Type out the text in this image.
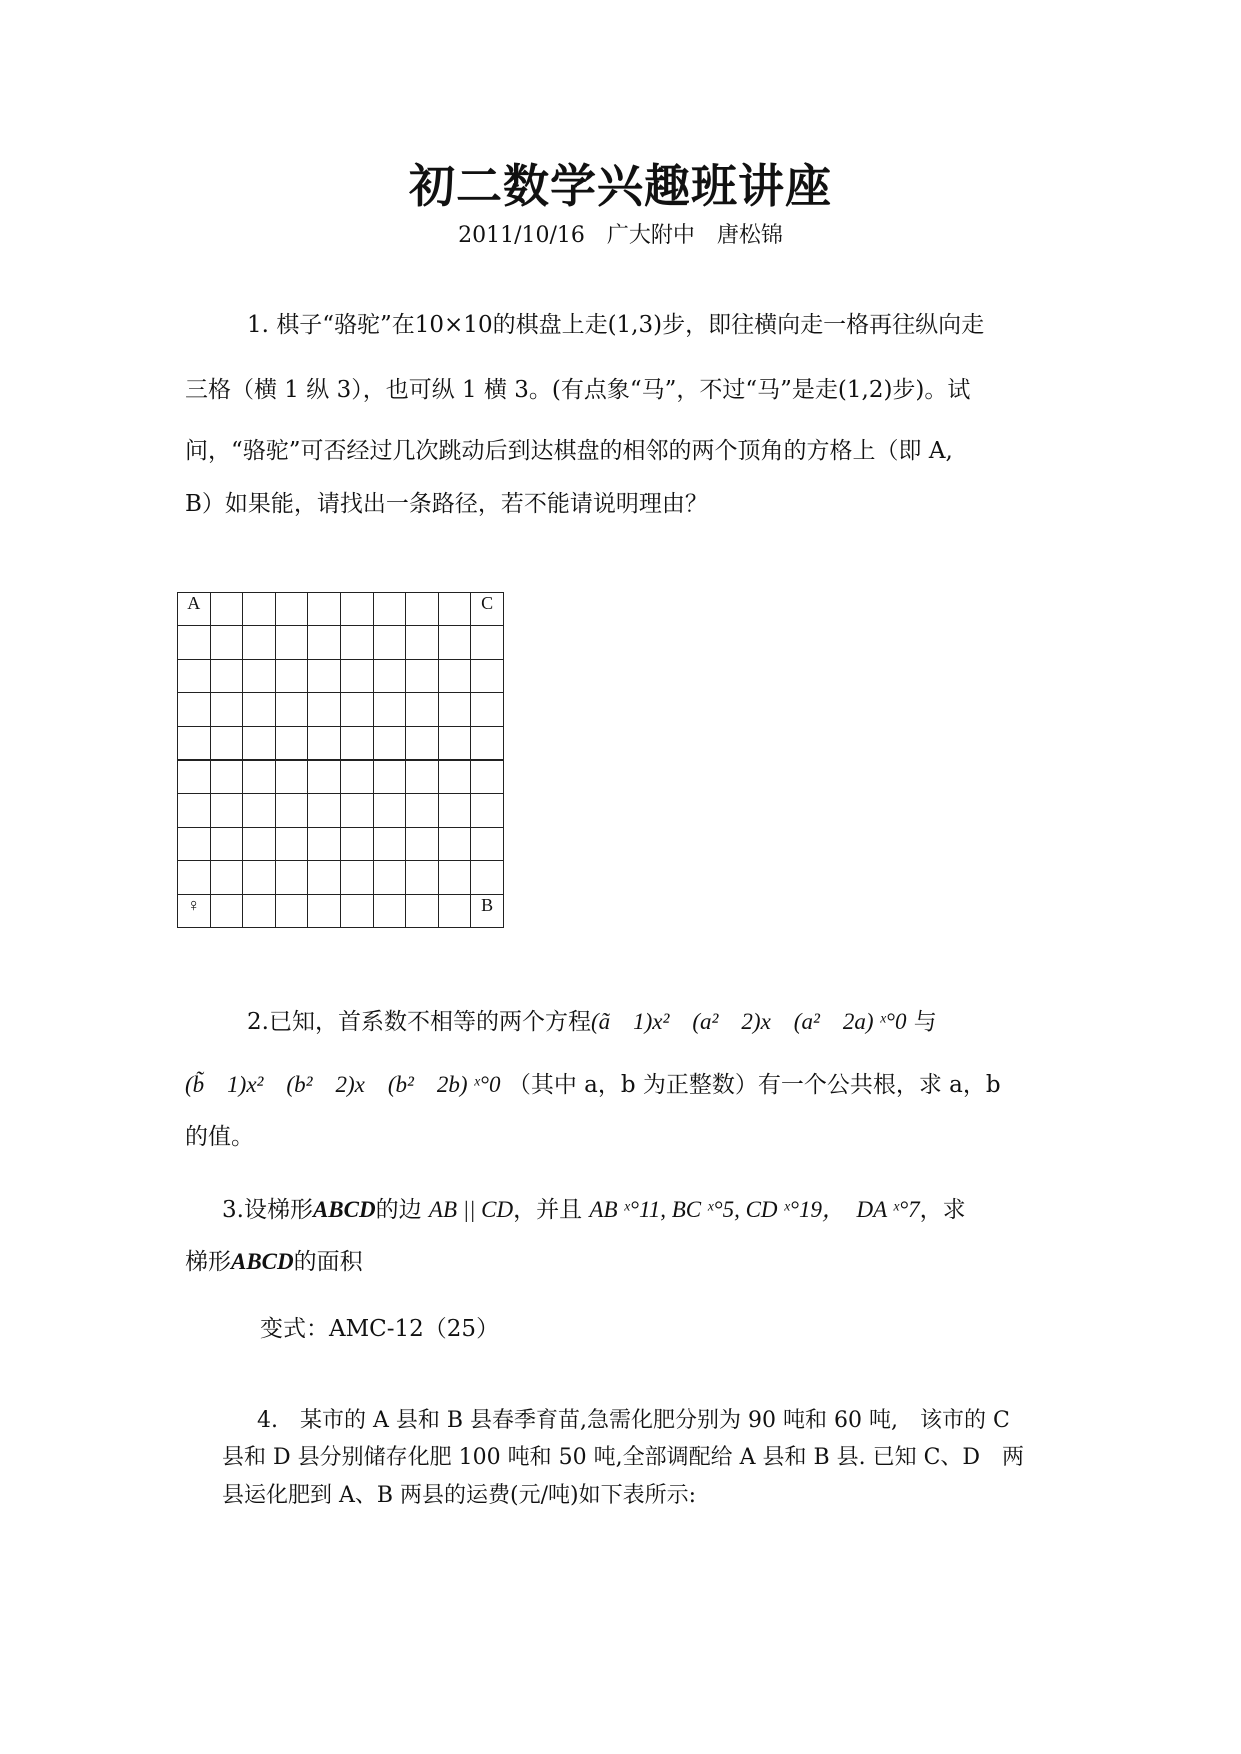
初二数学兴趣班讲座
2011/10/16　广大附中　唐松锦
1. 棋子“骆驼”在10×10的棋盘上走(1,3)步，即往横向走一格再往纵向走
三格（横 1 纵 3），也可纵 1 横 3。(有点象“马”，不过“马”是走(1,2)步)。试
问，“骆驼”可否经过几次跳动后到达棋盘的相邻的两个顶角的方格上（即 A,
B）如果能，请找出一条路径，若不能请说明理由？
A									C

♀									B
2.已知，首系数不相等的两个方程(ã　1)x²　(a²　2)x　(a²　2a) ˣ°0 与
(b̃　1)x²　(b²　2)x　(b²　2b) ˣ°0 （其中 a，b 为正整数）有一个公共根，求 a，b
的值。
3.设梯形ABCD的边 AB || CD，并且 AB ˣ°11, BC ˣ°5, CD ˣ°19，　DA ˣ°7，求
梯形ABCD的面积
变式：AMC-12（25）
4.　某市的 A 县和 B 县春季育苗,急需化肥分别为 90 吨和 60 吨,　该市的 C
县和 D 县分别储存化肥 100 吨和 50 吨,全部调配给 A 县和 B 县. 已知 C、D　两
县运化肥到 A、B 两县的运费(元/吨)如下表所示:
